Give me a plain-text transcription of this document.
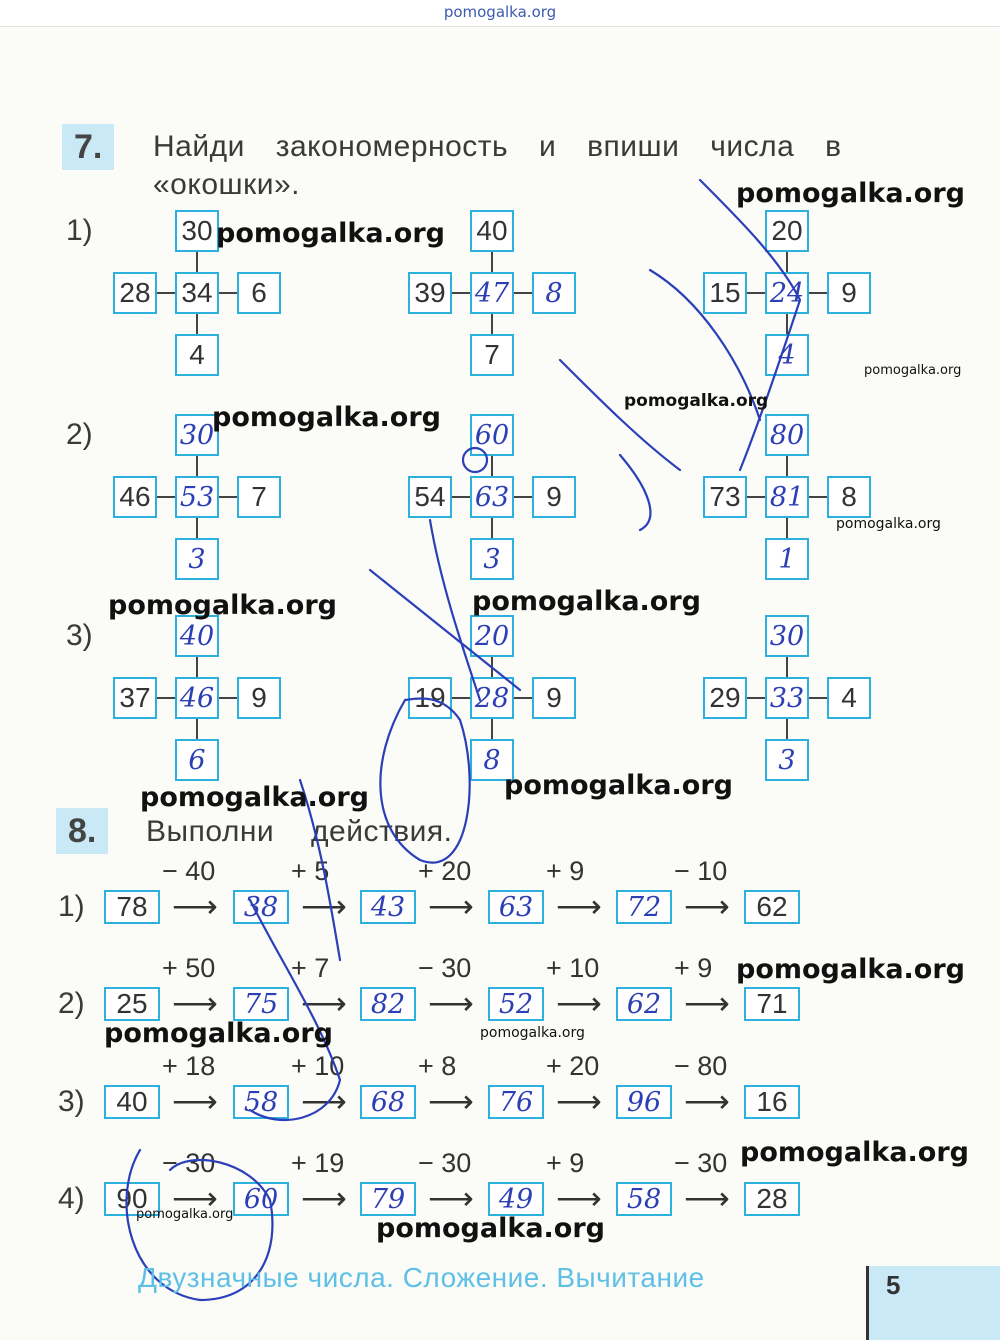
pomogalka.org
7.	Найди закономерность и впиши числа в
«окошки».
1)	30
28 34 6
4
40
39 47 8
7
20
15 24 9
4
2)	30
46 53 7
3
60
54 63 9
3
80
73 81 8
1
3)	40
37 46 9
6
20
19 28 9
8
30
29 33 4
3
8.	Выполни действия.
1) 78
− 40
⟶ 38
+ 5
⟶ 43
+ 20
⟶ 63
+ 9
⟶ 72
− 10
⟶ 62
2) 25
+ 50
⟶ 75
+ 7
⟶ 82
− 30
⟶ 52
+ 10
⟶ 62
+ 9
⟶ 71
3) 40
+ 18
⟶ 58
+ 10
⟶ 68
+ 8
⟶ 76
+ 20
⟶ 96
− 80
⟶ 16
4) 90
− 30
⟶ 60
+ 19
⟶ 79
− 30
⟶ 49
+ 9
⟶ 58
− 30
⟶ 28
pomogalka.org
pomogalka.org
pomogalka.org
pomogalka.org
pomogalka.org
pomogalka.org
pomogalka.org	pomogalka.org
pomogalka.org	pomogalka.org
pomogalka.org
pomogalka.org	pomogalka.org
pomogalka.org
pomogalka.org	pomogalka.org
Двузначные числа. Сложение. Вычитание	5
